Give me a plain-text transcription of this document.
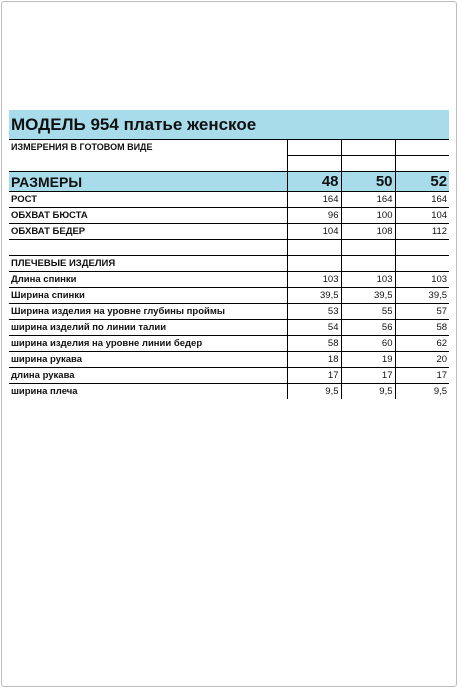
МОДЕЛЬ 954 платье женское			
ИЗМЕРЕНИЯ В ГОТОВОМ ВИДЕ			

РАЗМЕРЫ	48	50	52
РОСТ	164	164	164
ОБХВАТ БЮСТА	96	100	104
ОБХВАТ БЕДЕР	104	108	112

ПЛЕЧЕВЫЕ ИЗДЕЛИЯ			
Длина спинки	103	103	103
Ширина спинки	39,5	39,5	39,5
Ширина изделия на уровне глубины проймы	53	55	57
ширина изделий по линии талии	54	56	58
ширина изделия на уровне линии бедер	58	60	62
ширина рукава	18	19	20
длина рукава	17	17	17
ширина плеча	9,5	9,5	9,5
